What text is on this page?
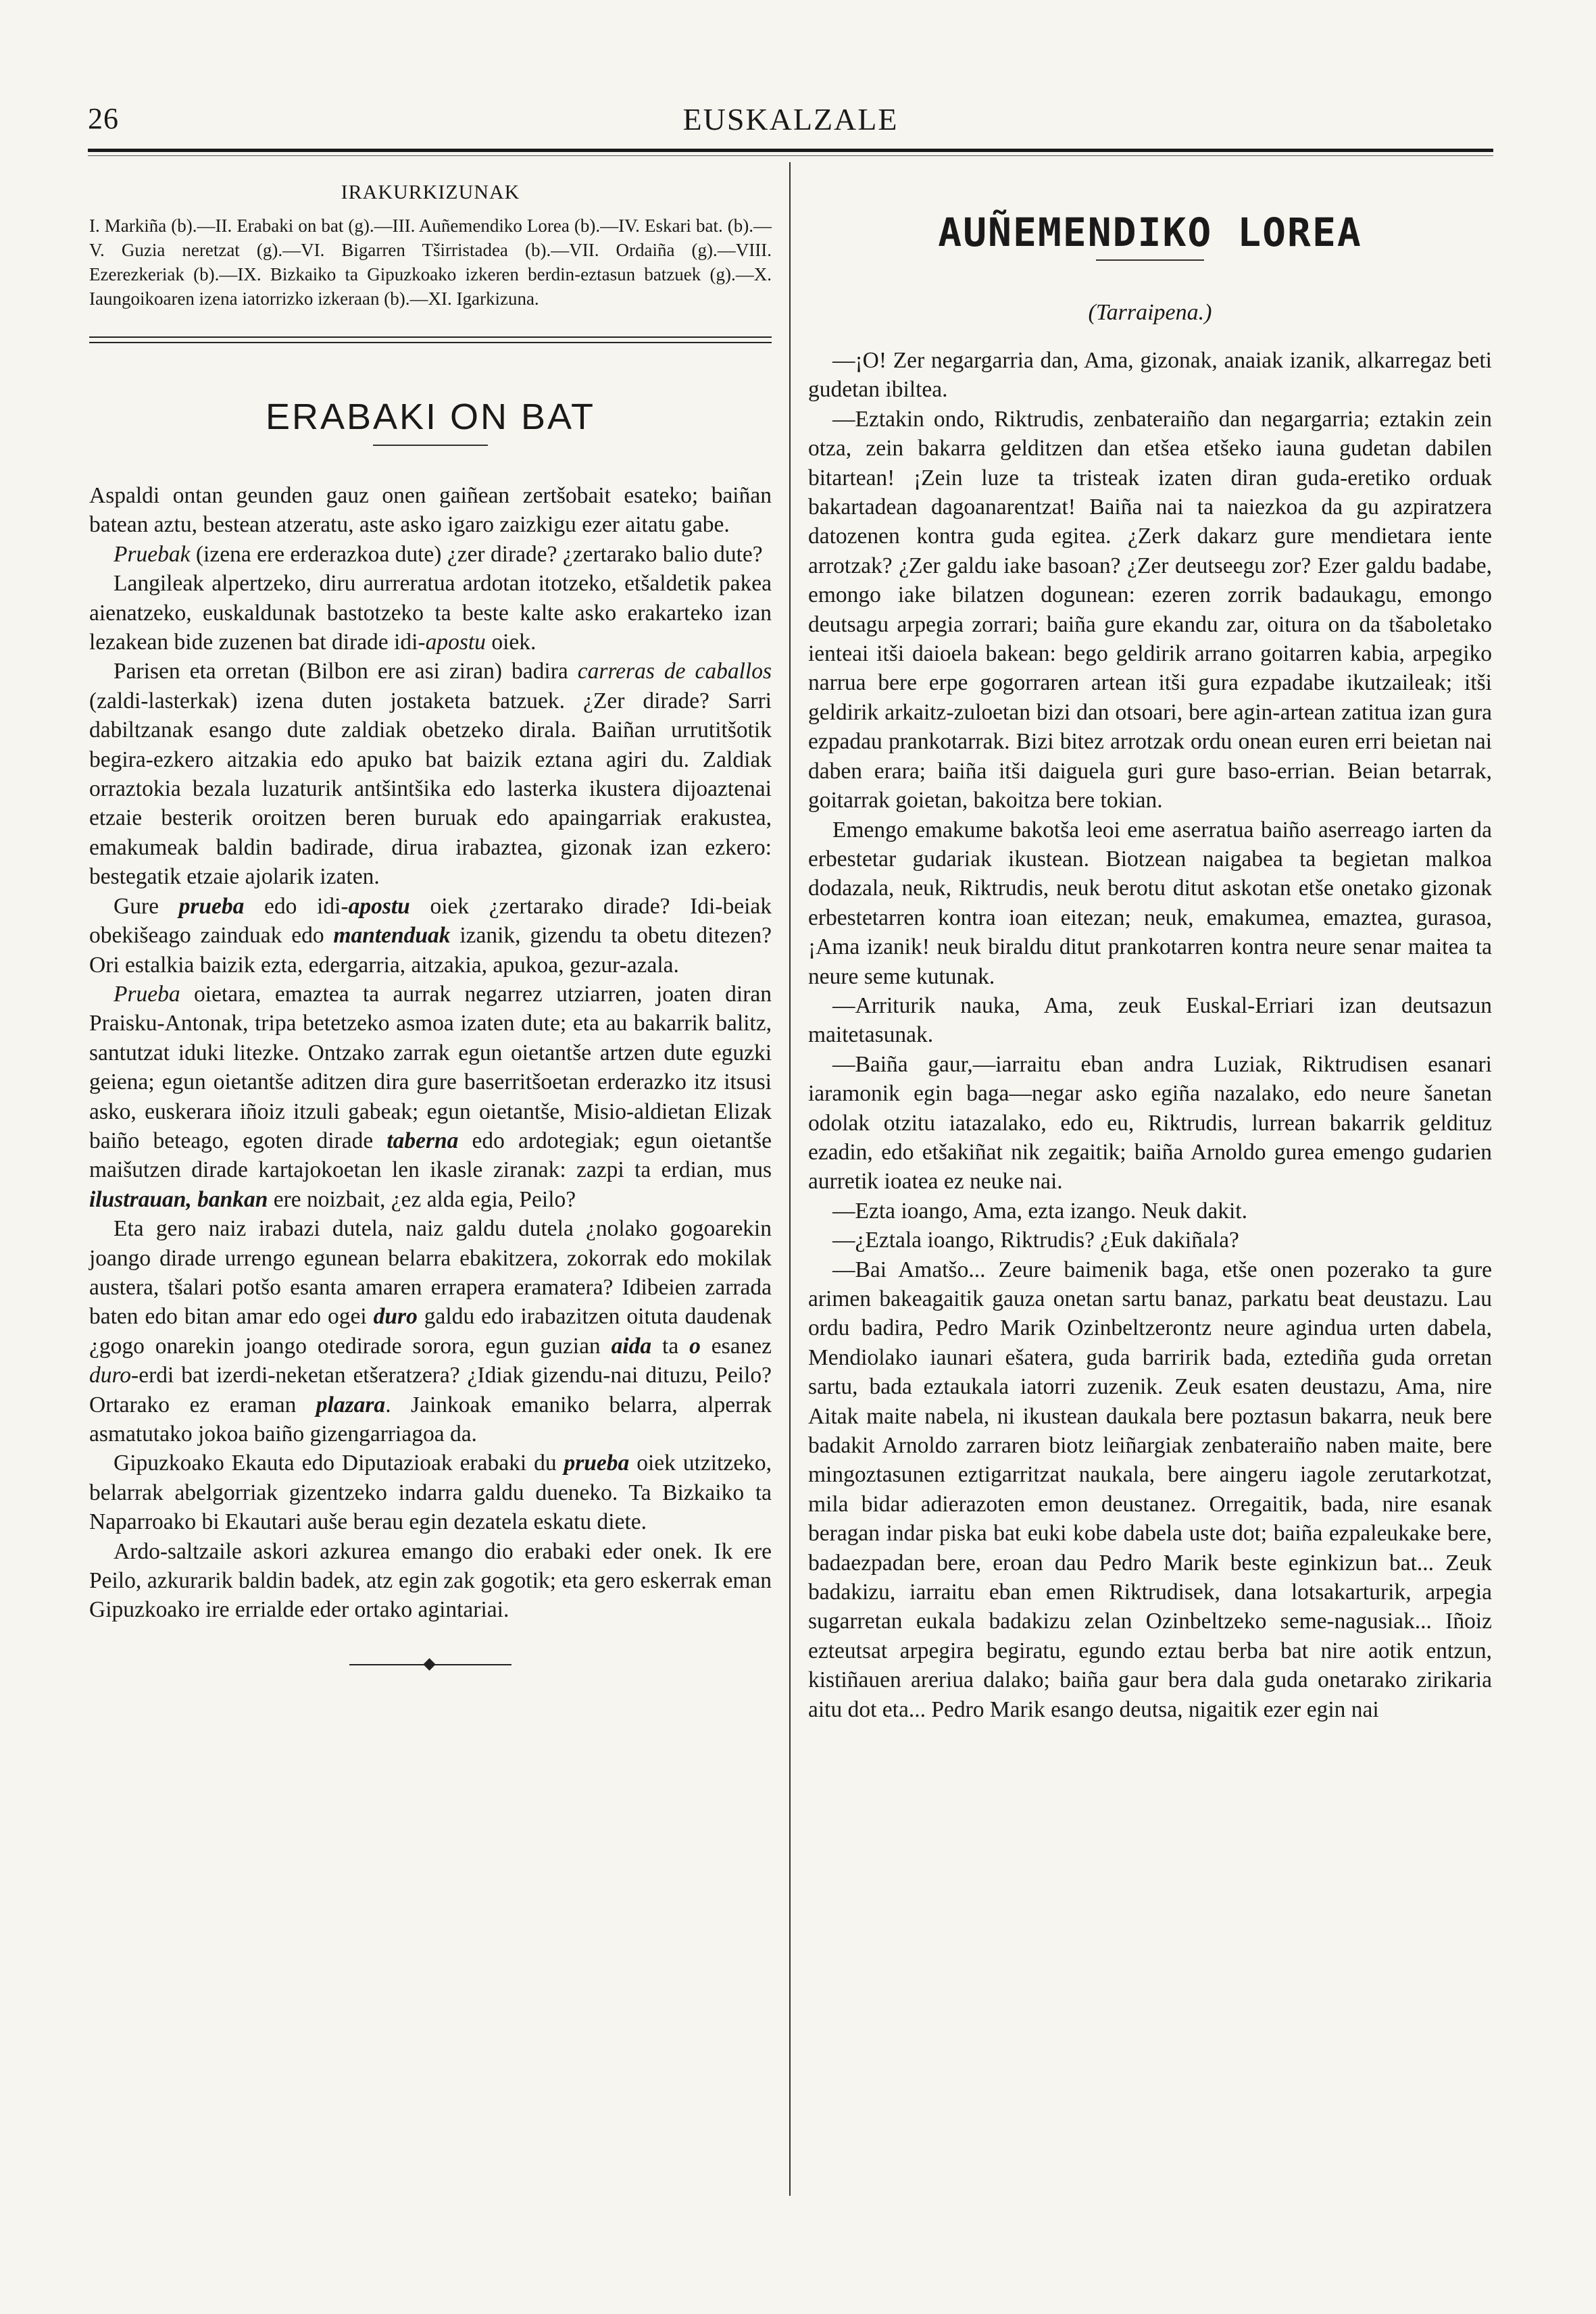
26	EUSKALZALE
IRAKURKIZUNAK

I. Markiña (b).—II. Erabaki on bat (g).—III. Auñemendiko Lorea (b).—IV. Eskari bat. (b).—V. Guzia neretzat (g).—VI. Bigarren Tširristadea (b).—VII. Ordaiña (g).—VIII. Ezerezkeriak (b).—IX. Bizkaiko ta Gipuzkoako izkeren berdin-eztasun batzuek (g).—X. Iaungoikoaren izena iatorrizko izkeraan (b).—XI. Igarkizuna.

ERABAKI ON BAT

Aspaldi ontan geunden gauz onen gaiñean zertšobait esateko; baiñan batean aztu, bestean atzeratu, aste asko igaro zaizkigu ezer aitatu gabe.

Pruebak (izena ere erderazkoa dute) ¿zer dirade? ¿zertarako balio dute?

Langileak alpertzeko, diru aurreratua ardotan itotzeko, etšaldetik pakea aienatzeko, euskaldunak bastotzeko ta beste kalte asko erakarteko izan lezakean bide zuzenen bat dirade idi-apostu oiek.

Parisen eta orretan (Bilbon ere asi ziran) badira carreras de caballos (zaldi-lasterkak) izena duten jostaketa batzuek. ¿Zer dirade? Sarri dabiltzanak esango dute zaldiak obetzeko dirala. Baiñan urrutitšotik begira-ezkero aitzakia edo apuko bat baizik eztana agiri du. Zaldiak orraztokia bezala luzaturik antšintšika edo lasterka ikustera dijoaztenai etzaie besterik oroitzen beren buruak edo apaingarriak erakustea, emakumeak baldin badirade, dirua irabaztea, gizonak izan ezkero: bestegatik etzaie ajolarik izaten.

Gure prueba edo idi-apostu oiek ¿zertarako dirade? Idi-beiak obekišeago zainduak edo mantenduak izanik, gizendu ta obetu ditezen? Ori estalkia baizik ezta, edergarria, aitzakia, apukoa, gezur-azala.

Prueba oietara, emaztea ta aurrak negarrez utziarren, joaten diran Praisku-Antonak, tripa betetzeko asmoa izaten dute; eta au bakarrik balitz, santutzat iduki litezke. Ontzako zarrak egun oietantše artzen dute eguzki geiena; egun oietantše aditzen dira gure baserritšoetan erderazko itz itsusi asko, euskerara iñoiz itzuli gabeak; egun oietantše, Misio-aldietan Elizak baiño beteago, egoten dirade taberna edo ardotegiak; egun oietantše maišutzen dirade kartajokoetan len ikasle ziranak: zazpi ta erdian, mus ilustrauan, bankan ere noizbait, ¿ez alda egia, Peilo?

Eta gero naiz irabazi dutela, naiz galdu dutela ¿nolako gogoarekin joango dirade urrengo egunean belarra ebakitzera, zokorrak edo mokilak austera, tšalari potšo esanta amaren errapera eramatera? Idibeien zarrada baten edo bitan amar edo ogei duro galdu edo irabazitzen oituta daudenak ¿gogo onarekin joango otedirade sorora, egun guzian aida ta o esanez duro-erdi bat izerdi-neketan etšeratzera? ¿Idiak gizendu-nai dituzu, Peilo? Ortarako ez eraman plazara. Jainkoak emaniko belarra, alperrak asmatutako jokoa baiño gizengarriagoa da.

Gipuzkoako Ekauta edo Diputazioak erabaki du prueba oiek utzitzeko, belarrak abelgorriak gizentzeko indarra galdu dueneko. Ta Bizkaiko ta Naparroako bi Ekautari auše berau egin dezatela eskatu diete.

Ardo-saltzaile askori azkurea emango dio erabaki eder onek. Ik ere Peilo, azkurarik baldin badek, atz egin zak gogotik; eta gero eskerrak eman Gipuzkoako ire errialde eder ortako agintariai.

AUÑEMENDIKO LOREA
(Tarraipena.)

—¡O! Zer negargarria dan, Ama, gizonak, anaiak izanik, alkarregaz beti gudetan ibiltea.

—Eztakin ondo, Riktrudis, zenbateraiño dan negargarria; eztakin zein otza, zein bakarra gelditzen dan etšea etšeko iauna gudetan dabilen bitartean! ¡Zein luze ta tristeak izaten diran guda-eretiko orduak bakartadean dagoanarentzat! Baiña nai ta naiezkoa da gu azpiratzera datozenen kontra guda egitea. ¿Zerk dakarz gure mendietara iente arrotzak? ¿Zer galdu iake basoan? ¿Zer deutseegu zor? Ezer galdu badabe, emongo iake bilatzen dogunean: ezeren zorrik badaukagu, emongo deutsagu arpegia zorrari; baiña gure ekandu zar, oitura on da tšaboletako ienteai itši daioela bakean: bego geldirik arrano goitarren kabia, arpegiko narrua bere erpe gogorraren artean itši gura ezpadabe ikutzaileak; itši geldirik arkaitz-zuloetan bizi dan otsoari, bere agin-artean zatitua izan gura ezpadau prankotarrak. Bizi bitez arrotzak ordu onean euren erri beietan nai daben erara; baiña itši daiguela guri gure baso-errian. Beian betarrak, goitarrak goietan, bakoitza bere tokian.

Emengo emakume bakotša leoi eme aserratua baiño aserreago iarten da erbestetar gudariak ikustean. Biotzean naigabea ta begietan malkoa dodazala, neuk, Riktrudis, neuk berotu ditut askotan etše onetako gizonak erbestetarren kontra ioan eitezan; neuk, emakumea, emaztea, gurasoa, ¡Ama izanik! neuk biraldu ditut prankotarren kontra neure senar maitea ta neure seme kutunak.

—Arriturik nauka, Ama, zeuk Euskal-Erriari izan deutsazun maitetasunak.

—Baiña gaur,—iarraitu eban andra Luziak, Riktrudisen esanari iaramonik egin baga—negar asko egiña nazalako, edo neure šanetan odolak otzitu iatazalako, edo eu, Riktrudis, lurrean bakarrik geldituz ezadin, edo etšakiñat nik zegaitik; baiña Arnoldo gurea emengo gudarien aurretik ioatea ez neuke nai.

—Ezta ioango, Ama, ezta izango. Neuk dakit.

—¿Eztala ioango, Riktrudis? ¿Euk dakiñala?

—Bai Amatšo... Zeure baimenik baga, etše onen pozerako ta gure arimen bakeagaitik gauza onetan sartu banaz, parkatu beat deustazu. Lau ordu badira, Pedro Marik Ozinbeltzerontz neure agindua urten dabela, Mendiolako iaunari ešatera, guda barririk bada, eztediña guda orretan sartu, bada eztaukala iatorri zuzenik. Zeuk esaten deustazu, Ama, nire Aitak maite nabela, ni ikustean daukala bere poztasun bakarra, neuk bere badakit Arnoldo zarraren biotz leiñargiak zenbateraiño naben maite, bere mingoztasunen eztigarritzat naukala, bere aingeru iagole zerutarkotzat, mila bidar adierazoten emon deustanez. Orregaitik, bada, nire esanak beragan indar piska bat euki kobe dabela uste dot; baiña ezpaleukake bere, badaezpadan bere, eroan dau Pedro Marik beste eginkizun bat... Zeuk badakizu, iarraitu eban emen Riktrudisek, dana lotsakarturik, arpegia sugarretan eukala badakizu zelan Ozinbeltzeko seme-nagusiak... Iñoiz ezteutsat arpegira begiratu, egundo eztau berba bat nire aotik entzun, kistiñauen areriua dalako; baiña gaur bera dala guda onetarako zirikaria aitu dot eta... Pedro Marik esango deutsa, nigaitik ezer egin nai
